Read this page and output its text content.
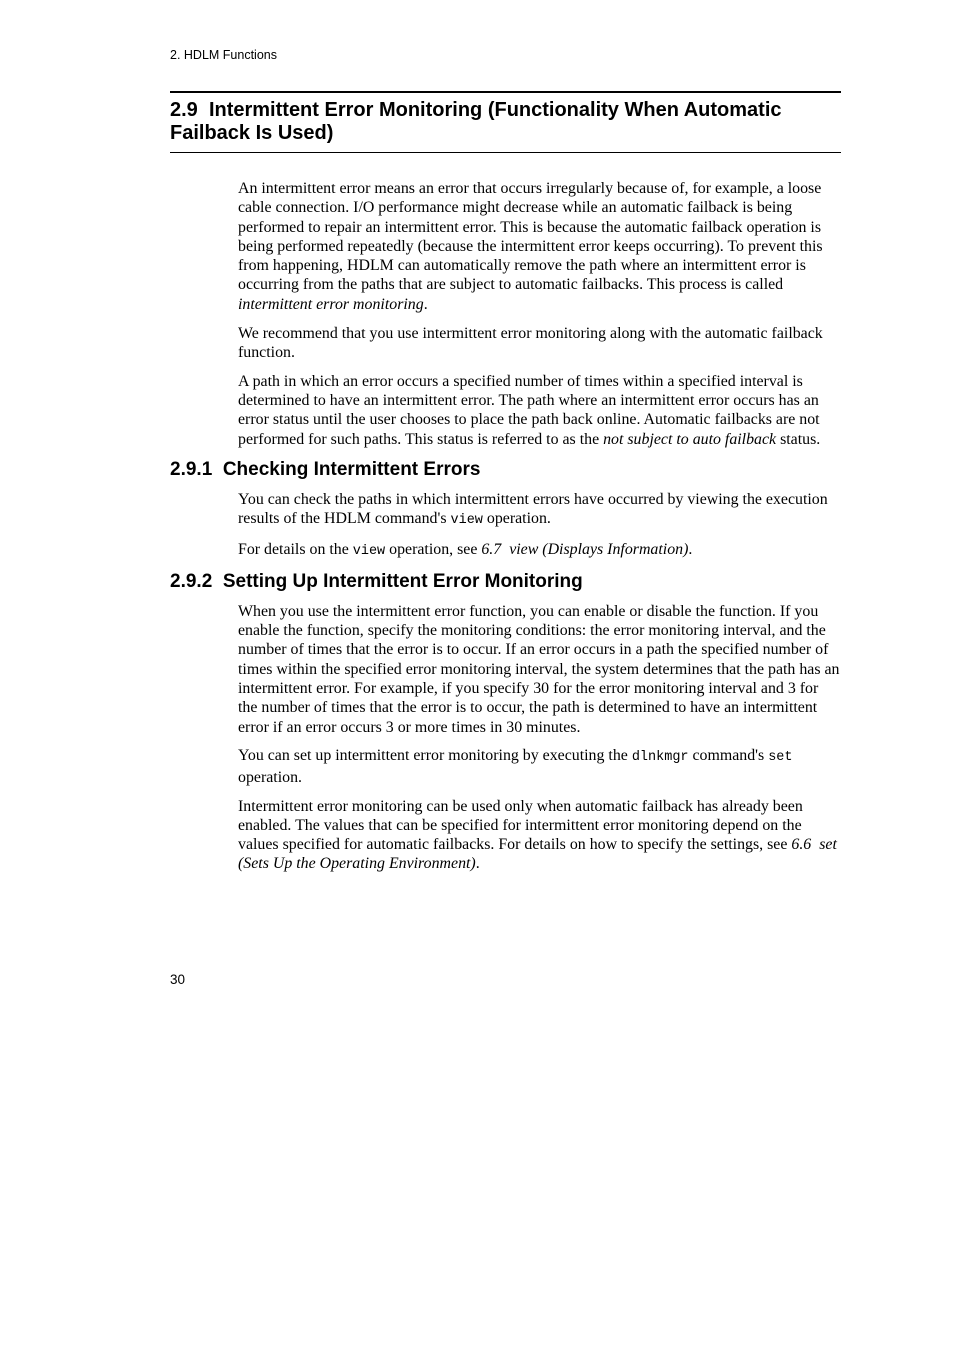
2. HDLM Functions
2.9 Intermittent Error Monitoring (Functionality When Automatic Failback Is Used)

An intermittent error means an error that occurs irregularly because of, for example, a loose cable connection. I/O performance might decrease while an automatic failback is being performed to repair an intermittent error. This is because the automatic failback operation is being performed repeatedly (because the intermittent error keeps occurring). To prevent this from happening, HDLM can automatically remove the path where an intermittent error is occurring from the paths that are subject to automatic failbacks. This process is called intermittent error monitoring.

We recommend that you use intermittent error monitoring along with the automatic failback function.

A path in which an error occurs a specified number of times within a specified interval is determined to have an intermittent error. The path where an intermittent error occurs has an error status until the user chooses to place the path back online. Automatic failbacks are not performed for such paths. This status is referred to as the not subject to auto failback status.

2.9.1 Checking Intermittent Errors

You can check the paths in which intermittent errors have occurred by viewing the execution results of the HDLM command's view operation.

For details on the view operation, see 6.7 view (Displays Information).

2.9.2 Setting Up Intermittent Error Monitoring

When you use the intermittent error function, you can enable or disable the function. If you enable the function, specify the monitoring conditions: the error monitoring interval, and the number of times that the error is to occur. If an error occurs in a path the specified number of times within the specified error monitoring interval, the system determines that the path has an intermittent error. For example, if you specify 30 for the error monitoring interval and 3 for the number of times that the error is to occur, the path is determined to have an intermittent error if an error occurs 3 or more times in 30 minutes.

You can set up intermittent error monitoring by executing the dlnkmgr command's set operation.

Intermittent error monitoring can be used only when automatic failback has already been enabled. The values that can be specified for intermittent error monitoring depend on the values specified for automatic failbacks. For details on how to specify the settings, see 6.6 set (Sets Up the Operating Environment).

30
